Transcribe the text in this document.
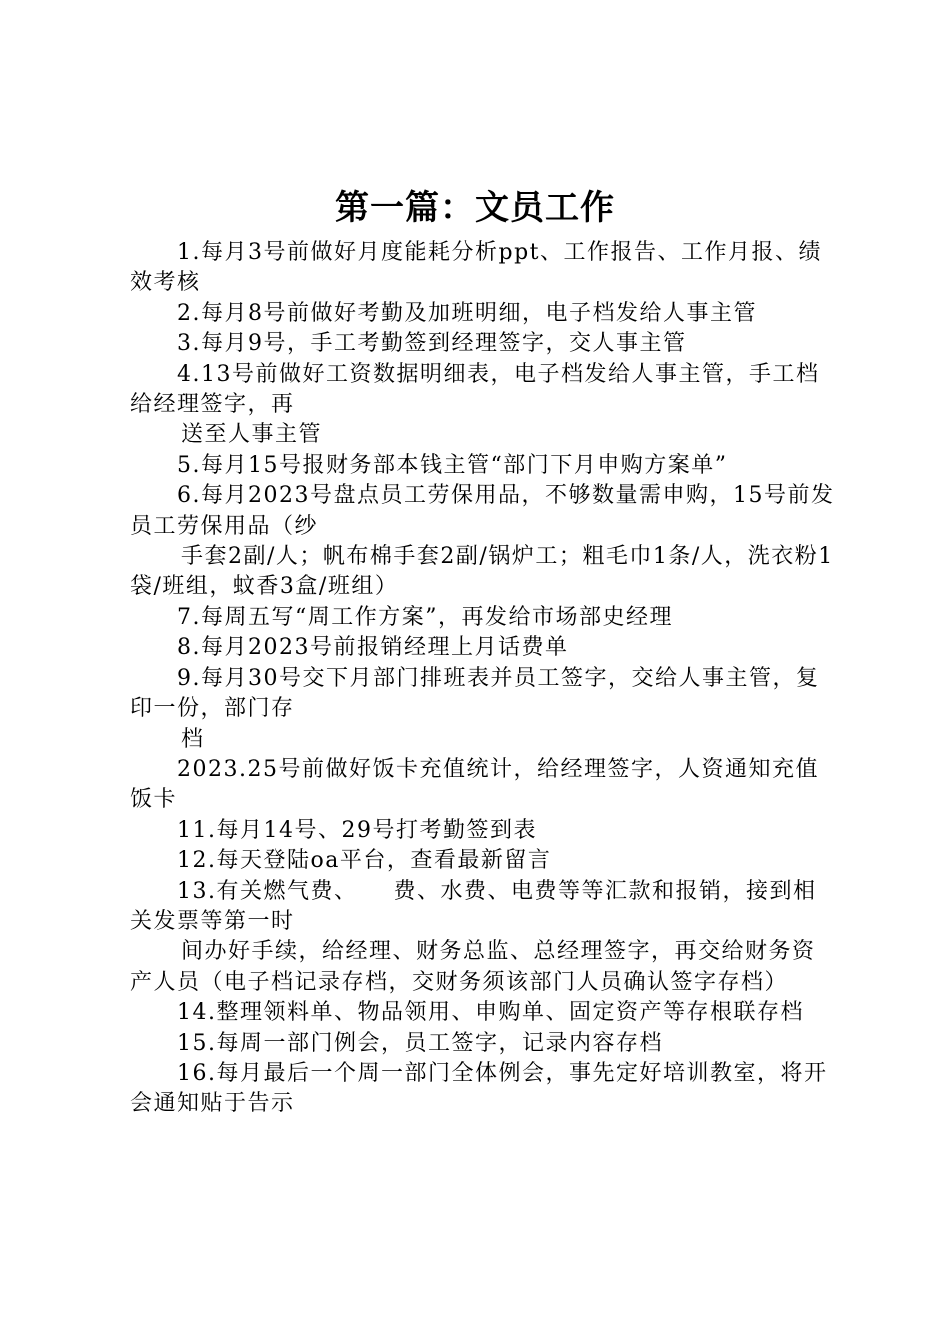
第一篇：文员工作

1.每月3号前做好月度能耗分析ppt、工作报告、工作月报、绩效考核

2.每月8号前做好考勤及加班明细，电子档发给人事主管

3.每月9号，手工考勤签到经理签字，交人事主管

4.13号前做好工资数据明细表，电子档发给人事主管，手工档给经理签字，再

送至人事主管

5.每月15号报财务部本钱主管“部门下月申购方案单”

6.每月2023号盘点员工劳保用品，不够数量需申购，15号前发员工劳保用品（纱

手套2副/人；帆布棉手套2副/锅炉工；粗毛巾1条/人，洗衣粉1袋/班组，蚊香3盒/班组）

7.每周五写“周工作方案”，再发给市场部史经理

8.每月2023号前报销经理上月话费单

9.每月30号交下月部门排班表并员工签字，交给人事主管，复印一份，部门存

档

2023.25号前做好饭卡充值统计，给经理签字，人资通知充值饭卡

11.每月14号、29号打考勤签到表

12.每天登陆oa平台，查看最新留言

13.有关燃气费、　　费、水费、电费等等汇款和报销，接到相关发票等第一时

间办好手续，给经理、财务总监、总经理签字，再交给财务资产人员（电子档记录存档，交财务须该部门人员确认签字存档）

14.整理领料单、物品领用、申购单、固定资产等存根联存档

15.每周一部门例会，员工签字，记录内容存档

16.每月最后一个周一部门全体例会，事先定好培训教室，将开会通知贴于告示
